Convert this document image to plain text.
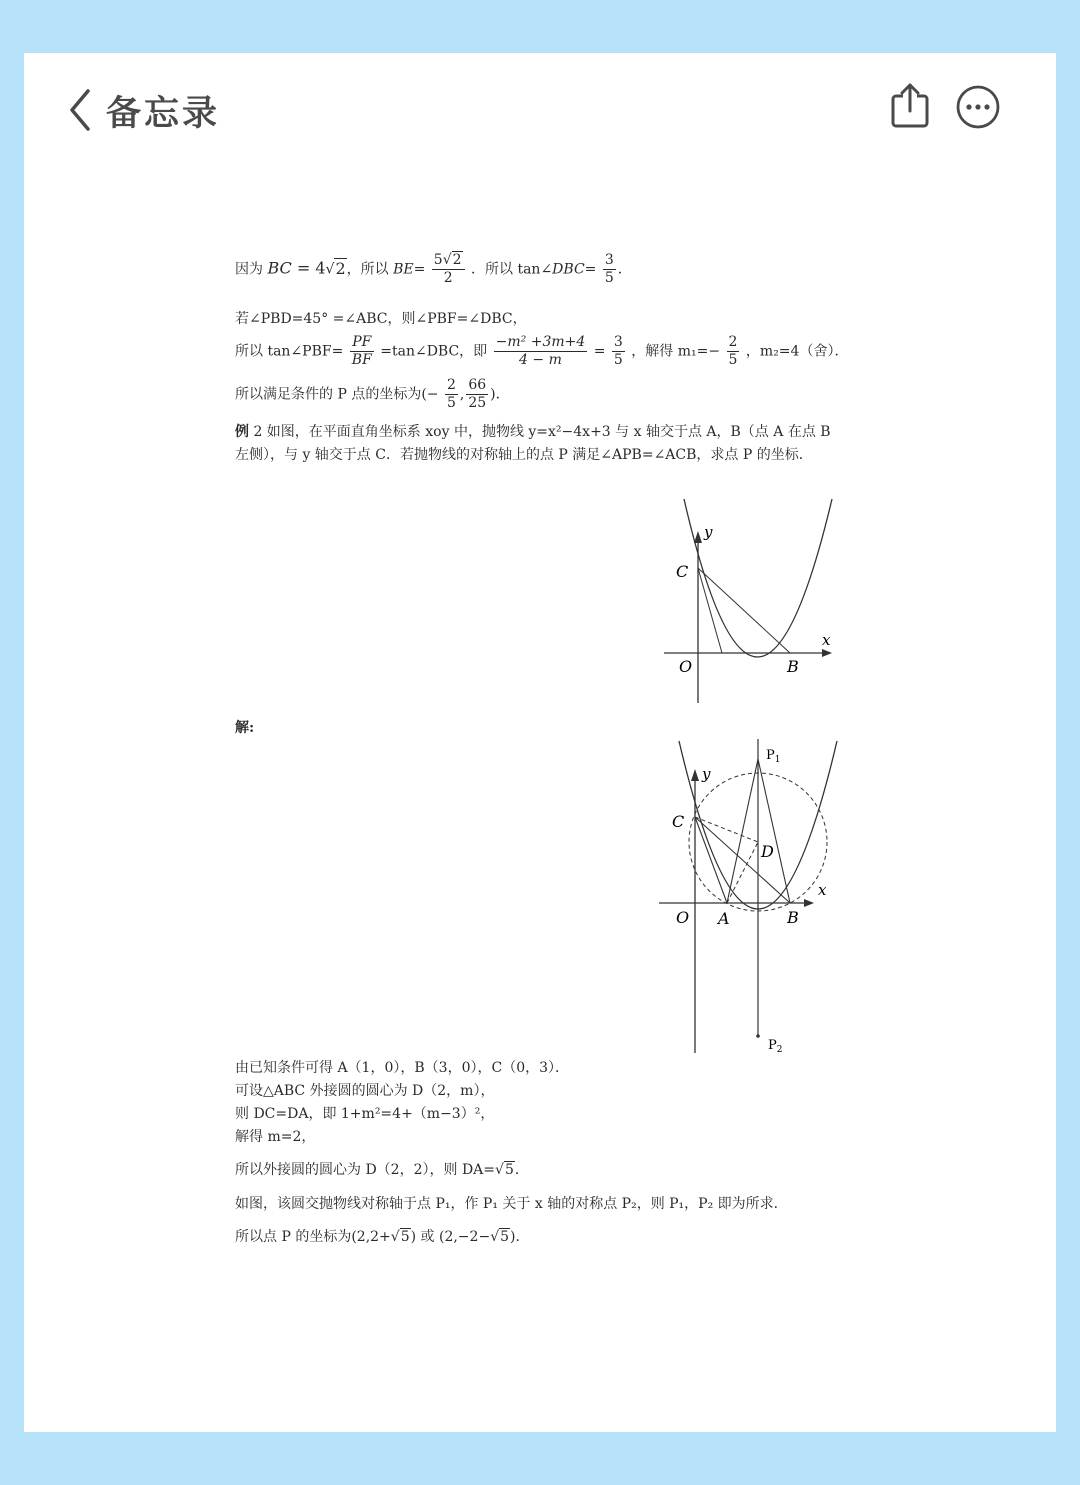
备忘录
因为 BC = 4√2，所以 $BE= \frac{5√2}{2}$ ．所以 tan∠DBC= $\frac{3}{5}$ ．
若∠PBD=45° =∠ABC，则∠PBF=∠DBC，
所以 tan∠PBF= $\frac{PF}{BF}$ =tan∠DBC，即 $\frac{\text{−m² +3m+4}}{4 - m} = \frac{3}{5}$ ，解得 $m_1=- \frac{2}{5}$ ，m₂=4（舍）．
所以满足条件的 P 点的坐标为(− $\frac{2}{5}$ , $\frac{66}{25}$ )．
例 2 如图，在平面直角坐标系 xoy 中，抛物线 y=x²−4x+3 与 x 轴交于点 A，B（点 A 在点 B 左侧），与 y 轴交于点 C．若抛物线的对称轴上的点 P 满足∠APB=∠ACB，求点 P 的坐标．
y
x
C
O	B
解:
y
x
C
O A	B
D
$P_1$
$P_2$
由已知条件可得 A（1，0），B（3，0），C（0，3）．
可设△ABC 外接圆的圆心为 D（2，m），
则 DC=DA，即 1+m²=4+（m−3）²，
解得 m=2，
所以外接圆的圆心为 D（2，2），则 DA=√5．
如图，该圆交抛物线对称轴于点 P₁，作 P₁ 关于 x 轴的对称点 P₂，则 P₁，P₂ 即为所求．
所以点 P 的坐标为(2,2+√5) 或 (2,−2−√5)．
